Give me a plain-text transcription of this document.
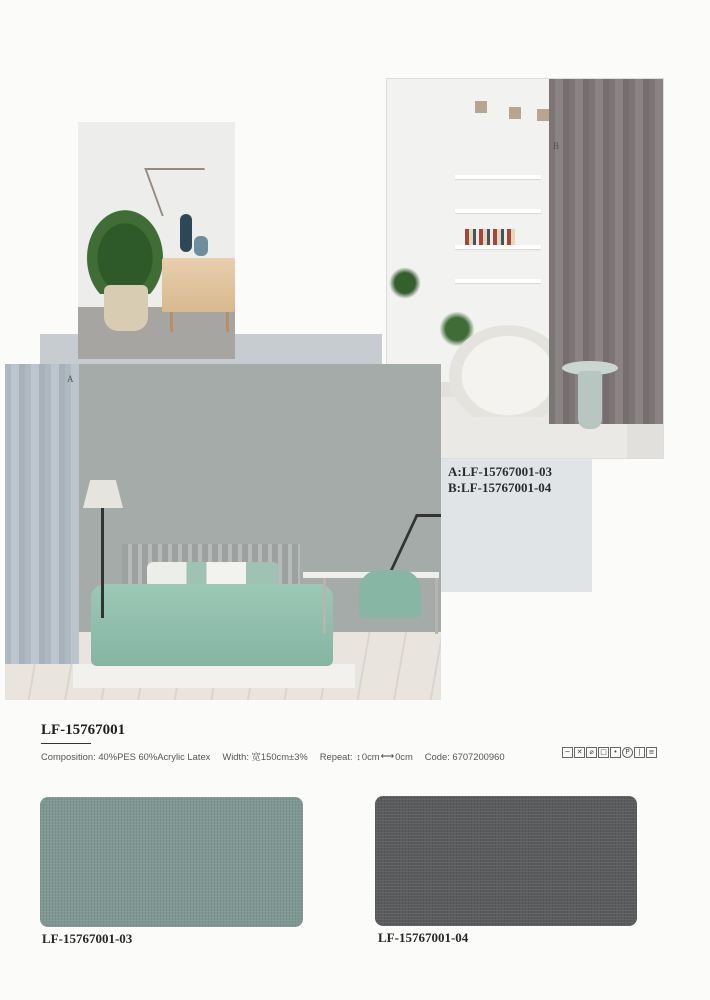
B
A
A:LF-15767001-03
B:LF-15767001-04
LF-15767001
Composition: 40%PES 60%Acrylic Latex Width: 宽150cm±3% Repeat: ↕ 0cm ⟷ 0cm Code: 6707200960	~ ✕ ⌀ □ •	P	|	≡
LF-15767001-03	LF-15767001-04
